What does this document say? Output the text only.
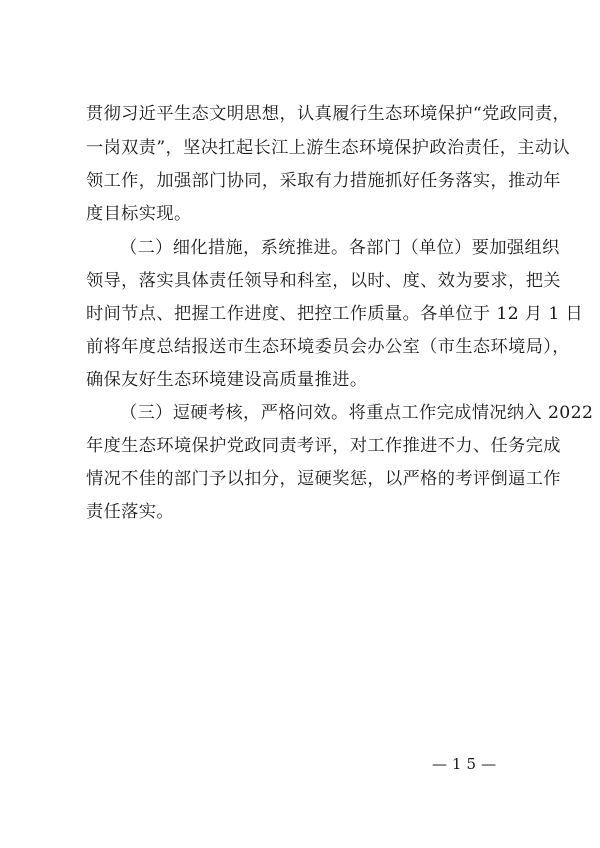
贯彻习近平生态文明思想，认真履行生态环境保护“党政同责，
一岗双责”，坚决扛起长江上游生态环境保护政治责任，主动认
领工作，加强部门协同，采取有力措施抓好任务落实，推动年
度目标实现。
（二）细化措施，系统推进。各部门（单位）要加强组织
领导，落实具体责任领导和科室，以时、度、效为要求，把关
时间节点、把握工作进度、把控工作质量。各单位于 12 月 1 日
前将年度总结报送市生态环境委员会办公室（市生态环境局），
确保友好生态环境建设高质量推进。
（三）逗硬考核，严格问效。将重点工作完成情况纳入 2022
年度生态环境保护党政同责考评，对工作推进不力、任务完成
情况不佳的部门予以扣分，逗硬奖惩，以严格的考评倒逼工作
责任落实。
—15—
